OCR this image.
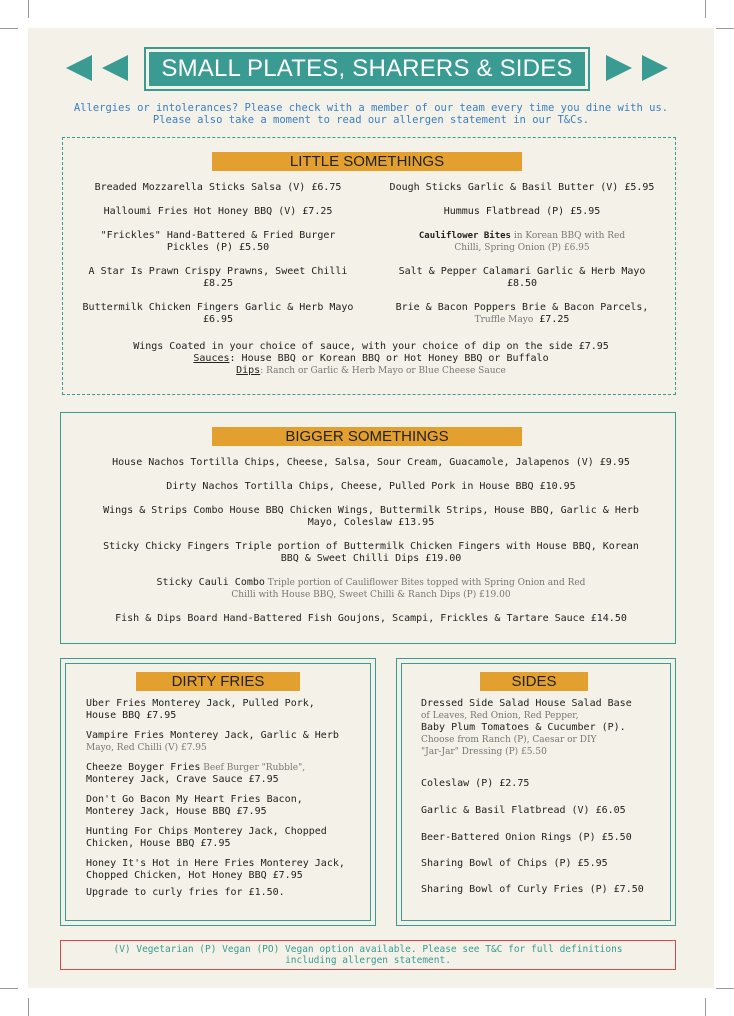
SMALL PLATES, SHARERS & SIDES
Allergies or intolerances? Please check with a member of our team every time you dine with us.
Please also take a moment to read our allergen statement in our T&Cs.
LITTLE SOMETHINGS
Breaded Mozzarella Sticks Salsa (V) £6.75	Dough Sticks Garlic & Basil Butter (V) £5.95
Halloumi Fries Hot Honey BBQ (V) £7.25	Hummus Flatbread (P) £5.95
"Frickles" Hand-Battered & Fried Burger
Pickles (P) £5.50
Cauliflower Bites in Korean BBQ with Red
Chilli, Spring Onion (P) £6.95
A Star Is Prawn Crispy Prawns, Sweet Chilli
£8.25
Salt & Pepper Calamari Garlic & Herb Mayo
£8.50
Buttermilk Chicken Fingers Garlic & Herb Mayo
£6.95
Brie & Bacon Poppers Brie & Bacon Parcels,
Truffle Mayo £7.25
Wings Coated in your choice of sauce, with your choice of dip on the side £7.95
Sauces: House BBQ or Korean BBQ or Hot Honey BBQ or Buffalo
Dips: Ranch or Garlic & Herb Mayo or Blue Cheese Sauce
BIGGER SOMETHINGS
House Nachos Tortilla Chips, Cheese, Salsa, Sour Cream, Guacamole, Jalapenos (V) £9.95
Dirty Nachos Tortilla Chips, Cheese, Pulled Pork in House BBQ £10.95
Wings & Strips Combo House BBQ Chicken Wings, Buttermilk Strips, House BBQ, Garlic & Herb
Mayo, Coleslaw £13.95
Sticky Chicky Fingers Triple portion of Buttermilk Chicken Fingers with House BBQ, Korean
BBQ & Sweet Chilli Dips £19.00
Sticky Cauli Combo Triple portion of Cauliflower Bites topped with Spring Onion and Red
Chilli with House BBQ, Sweet Chilli & Ranch Dips (P) £19.00
Fish & Dips Board Hand-Battered Fish Goujons, Scampi, Frickles & Tartare Sauce £14.50
DIRTY FRIES
Uber Fries Monterey Jack, Pulled Pork,
House BBQ £7.95
Vampire Fries Monterey Jack, Garlic & Herb
Mayo, Red Chilli (V) £7.95
Cheeze Boyger Fries Beef Burger "Rubble",
Monterey Jack, Crave Sauce £7.95
Don't Go Bacon My Heart Fries Bacon,
Monterey Jack, House BBQ £7.95
Hunting For Chips Monterey Jack, Chopped
Chicken, House BBQ £7.95
Honey It's Hot in Here Fries Monterey Jack,
Chopped Chicken, Hot Honey BBQ £7.95
Upgrade to curly fries for £1.50.
SIDES
Dressed Side Salad House Salad Base
of Leaves, Red Onion, Red Pepper,
Baby Plum Tomatoes & Cucumber (P).
Choose from Ranch (P), Caesar or DIY
"Jar-Jar" Dressing (P) £5.50
Coleslaw (P) £2.75
Garlic & Basil Flatbread (V) £6.05
Beer-Battered Onion Rings (P) £5.50
Sharing Bowl of Chips (P) £5.95
Sharing Bowl of Curly Fries (P) £7.50
(V) Vegetarian (P) Vegan (PO) Vegan option available. Please see T&C for full definitions
including allergen statement.
